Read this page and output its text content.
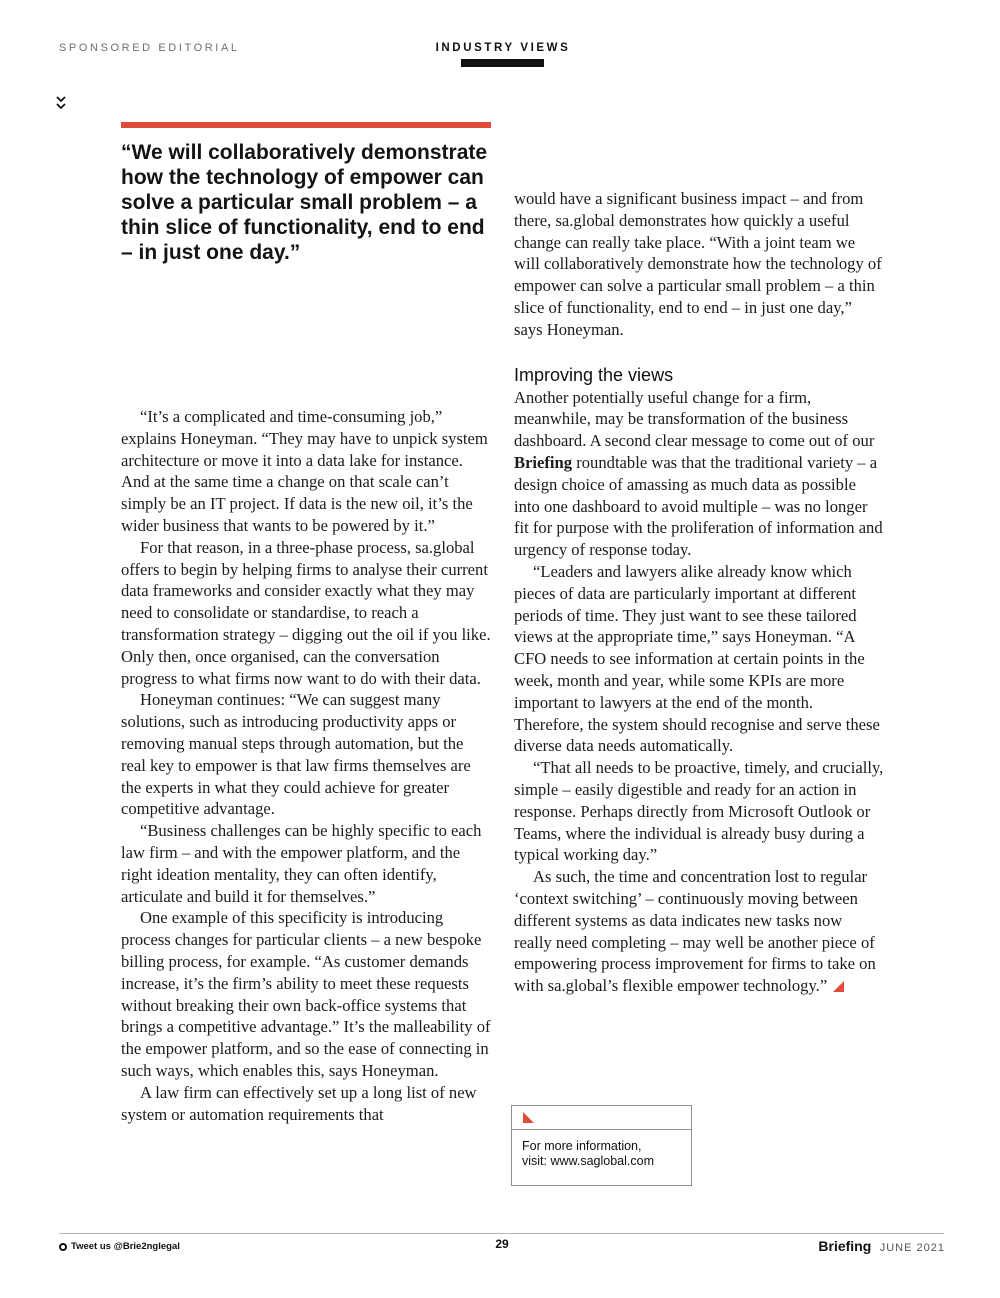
SPONSORED EDITORIAL	INDUSTRY VIEWS

“We will collaboratively demonstrate how the technology of empower can solve a particular small problem – a thin slice of functionality, end to end – in just one day.”

“It’s a complicated and time-consuming job,” explains Honeyman. “They may have to unpick system architecture or move it into a data lake for instance. And at the same time a change on that scale can’t simply be an IT project. If data is the new oil, it’s the wider business that wants to be powered by it.”

For that reason, in a three-phase process, sa.global offers to begin by helping firms to analyse their current data frameworks and consider exactly what they may need to consolidate or standardise, to reach a transformation strategy – digging out the oil if you like. Only then, once organised, can the conversation progress to what firms now want to do with their data.

Honeyman continues: “We can suggest many solutions, such as introducing productivity apps or removing manual steps through automation, but the real key to empower is that law firms themselves are the experts in what they could achieve for greater competitive advantage.

“Business challenges can be highly specific to each law firm – and with the empower platform, and the right ideation mentality, they can often identify, articulate and build it for themselves.”

One example of this specificity is introducing process changes for particular clients – a new bespoke billing process, for example. “As customer demands increase, it’s the firm’s ability to meet these requests without breaking their own back-office systems that brings a competitive advantage.” It’s the malleability of the empower platform, and so the ease of connecting in such ways, which enables this, says Honeyman.

A law firm can effectively set up a long list of new system or automation requirements that

would have a significant business impact – and from there, sa.global demonstrates how quickly a useful change can really take place. “With a joint team we will collaboratively demonstrate how the technology of empower can solve a particular small problem – a thin slice of functionality, end to end – in just one day,” says Honeyman.

Improving the views

Another potentially useful change for a firm, meanwhile, may be transformation of the business dashboard. A second clear message to come out of our Briefing roundtable was that the traditional variety – a design choice of amassing as much data as possible into one dashboard to avoid multiple – was no longer fit for purpose with the proliferation of information and urgency of response today.

“Leaders and lawyers alike already know which pieces of data are particularly important at different periods of time. They just want to see these tailored views at the appropriate time,” says Honeyman. “A CFO needs to see information at certain points in the week, month and year, while some KPIs are more important to lawyers at the end of the month. Therefore, the system should recognise and serve these diverse data needs automatically.

“That all needs to be proactive, timely, and crucially, simple – easily digestible and ready for an action in response. Perhaps directly from Microsoft Outlook or Teams, where the individual is already busy during a typical working day.”

As such, the time and concentration lost to regular ‘context switching’ – continuously moving between different systems as data indicates new tasks now really need completing – may well be another piece of empowering process improvement for firms to take on with sa.global’s flexible empower technology.”

For more information,
visit: www.saglobal.com
Tweet us @Brie2nglegal	29	Briefing JUNE 2021
